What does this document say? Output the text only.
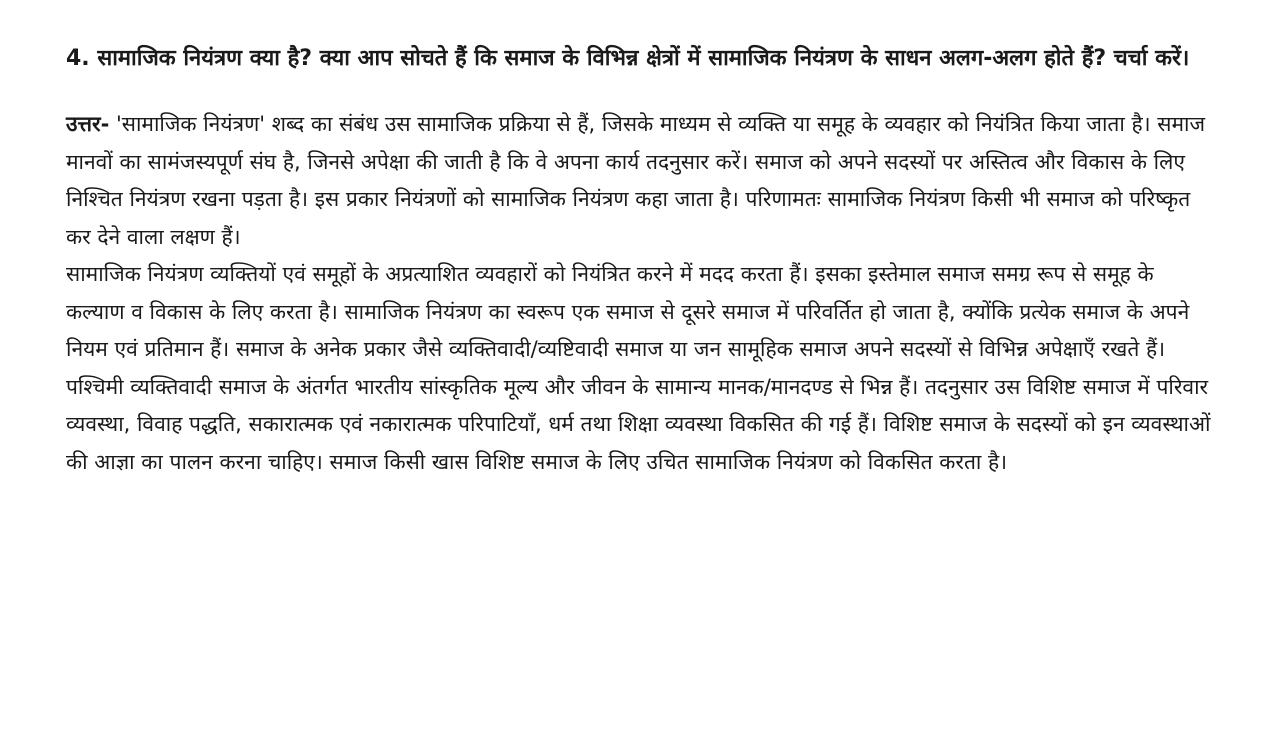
4. सामाजिक नियंत्रण क्या है? क्या आप सोचते हैं कि समाज के विभिन्न क्षेत्रों में सामाजिक नियंत्रण के साधन अलग-अलग होते हैं? चर्चा करें।

उत्तर- 'सामाजिक नियंत्रण' शब्द का संबंध उस सामाजिक प्रक्रिया से हैं, जिसके माध्यम से व्यक्ति या समूह के व्यवहार को नियंत्रित किया जाता है। समाज मानवों का सामंजस्यपूर्ण संघ है, जिनसे अपेक्षा की जाती है कि वे अपना कार्य तदनुसार करें। समाज को अपने सदस्यों पर अस्तित्व और विकास के लिए निश्चित नियंत्रण रखना पड़ता है। इस प्रकार नियंत्रणों को सामाजिक नियंत्रण कहा जाता है। परिणामतः सामाजिक नियंत्रण किसी भी समाज को परिष्कृत कर देने वाला लक्षण हैं।

सामाजिक नियंत्रण व्यक्तियों एवं समूहों के अप्रत्याशित व्यवहारों को नियंत्रित करने में मदद करता हैं। इसका इस्तेमाल समाज समग्र रूप से समूह के कल्याण व विकास के लिए करता है। सामाजिक नियंत्रण का स्वरूप एक समाज से दूसरे समाज में परिवर्तित हो जाता है, क्योंकि प्रत्येक समाज के अपने नियम एवं प्रतिमान हैं। समाज के अनेक प्रकार जैसे व्यक्तिवादी/व्यष्टिवादी समाज या जन सामूहिक समाज अपने सदस्यों से विभिन्न अपेक्षाएँ रखते हैं।

पश्चिमी व्यक्तिवादी समाज के अंतर्गत भारतीय सांस्कृतिक मूल्य और जीवन के सामान्य मानक/मानदण्ड से भिन्न हैं। तदनुसार उस विशिष्ट समाज में परिवार व्यवस्था, विवाह पद्धति, सकारात्मक एवं नकारात्मक परिपाटियाँ, धर्म तथा शिक्षा व्यवस्था विकसित की गई हैं। विशिष्ट समाज के सदस्यों को इन व्यवस्थाओं की आज्ञा का पालन करना चाहिए। समाज किसी खास विशिष्ट समाज के लिए उचित सामाजिक नियंत्रण को विकसित करता है।
